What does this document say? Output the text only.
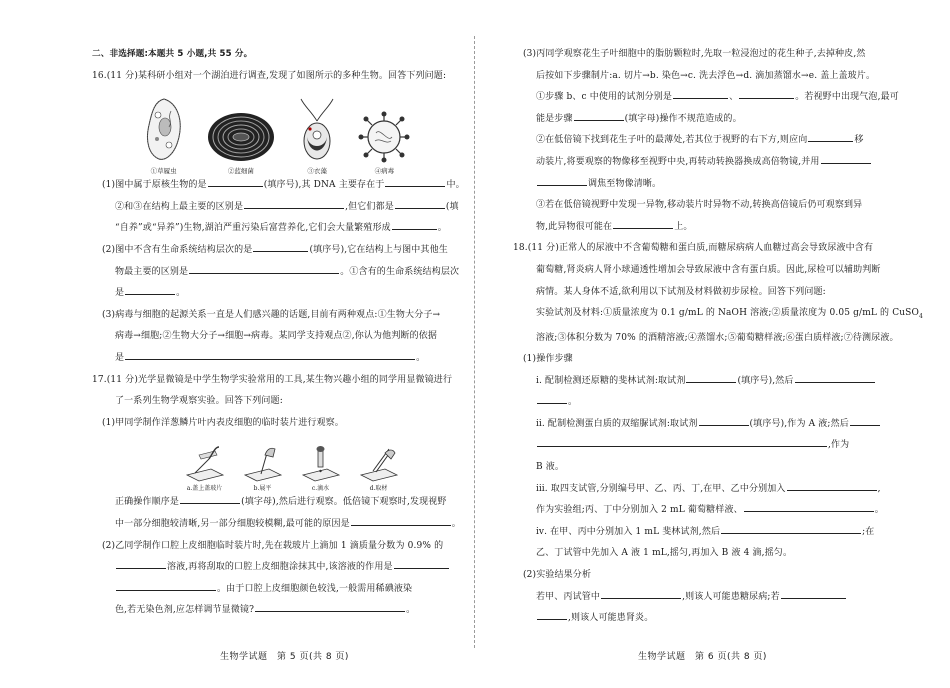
二、非选择题:本题共 5 小题,共 55 分。
16.(11 分)某科研小组对一个湖泊进行调查,发现了如图所示的多种生物。回答下列问题:
①草履虫	②蓝细菌	③衣藻	④病毒
(1)图中属于原核生物的是	(填序号),其 DNA 主要存在于	中。
②和③在结构上最主要的区别是	,但它们都是	(填
“自养”或“异养”)生物,湖泊严重污染后富营养化,它们会大量繁殖形成	。
(2)图中不含有生命系统结构层次的是	(填序号),它在结构上与图中其他生
物最主要的区别是	。①含有的生命系统结构层次
是	。
(3)病毒与细胞的起源关系一直是人们感兴趣的话题,目前有两种观点:①生物大分子→
病毒→细胞;②生物大分子→细胞→病毒。某同学支持观点②,你认为他判断的依据
是	。
17.(11 分)光学显微镜是中学生物学实验常用的工具,某生物兴趣小组的同学用显微镜进行
了一系列生物学观察实验。回答下列问题:
(1)甲同学制作洋葱鳞片叶内表皮细胞的临时装片进行观察。
a.盖上盖玻片	b.展平	c.滴水	d.取材
正确操作顺序是	(填字母),然后进行观察。低倍镜下观察时,发现视野
中一部分细胞较清晰,另一部分细胞较模糊,最可能的原因是	。
(2)乙同学制作口腔上皮细胞临时装片时,先在载玻片上滴加 1 滴质量分数为 0.9% 的
溶液,再将刮取的口腔上皮细胞涂抹其中,该溶液的作用是
。由于口腔上皮细胞颜色较浅,一般需用稀碘液染
色,若无染色剂,应怎样调节显微镜?	。
生物学试题　第 5 页(共 8 页)
(3)丙同学观察花生子叶细胞中的脂肪颗粒时,先取一粒浸泡过的花生种子,去掉种皮,然
后按如下步骤制片:a. 切片→b. 染色→c. 洗去浮色→d. 滴加蒸馏水→e. 盖上盖玻片。
①步骤 b、c 中使用的试剂分别是	、	。若视野中出现气泡,最可
能是步骤	(填字母)操作不规范造成的。
②在低倍镜下找到花生子叶的最薄处,若其位于视野的右下方,则应向	移
动装片,将要观察的物像移至视野中央,再转动转换器换成高倍物镜,并用
调焦至物像清晰。
③若在低倍镜视野中发现一异物,移动装片时异物不动,转换高倍镜后仍可观察到异
物,此异物很可能在	上。
18.(11 分)正常人的尿液中不含葡萄糖和蛋白质,而糖尿病病人血糖过高会导致尿液中含有
葡萄糖,肾炎病人肾小球通透性增加会导致尿液中含有蛋白质。因此,尿检可以辅助判断
病情。某人身体不适,欲利用以下试剂及材料做初步尿检。回答下列问题:
实验试剂及材料:①质量浓度为 0.1 g/mL 的 NaOH 溶液;②质量浓度为 0.05 g/mL 的 CuSO$_4$
溶液;③体积分数为 70% 的酒精溶液;④蒸馏水;⑤葡萄糖样液;⑥蛋白质样液;⑦待测尿液。
(1)操作步骤
ⅰ. 配制检测还原糖的斐林试剂:取试剂	(填序号),然后
。
ⅱ. 配制检测蛋白质的双缩脲试剂:取试剂	(填序号),作为 A 液;然后
,作为
B 液。
ⅲ. 取四支试管,分别编号甲、乙、丙、丁,在甲、乙中分别加入	,
作为实验组;丙、丁中分别加入 2 mL 葡萄糖样液、	。
ⅳ. 在甲、丙中分别加入 1 mL 斐林试剂,然后	;在
乙、丁试管中先加入 A 液 1 mL,摇匀,再加入 B 液 4 滴,摇匀。
(2)实验结果分析
若甲、丙试管中	,则该人可能患糖尿病;若
,则该人可能患肾炎。
生物学试题　第 6 页(共 8 页)
